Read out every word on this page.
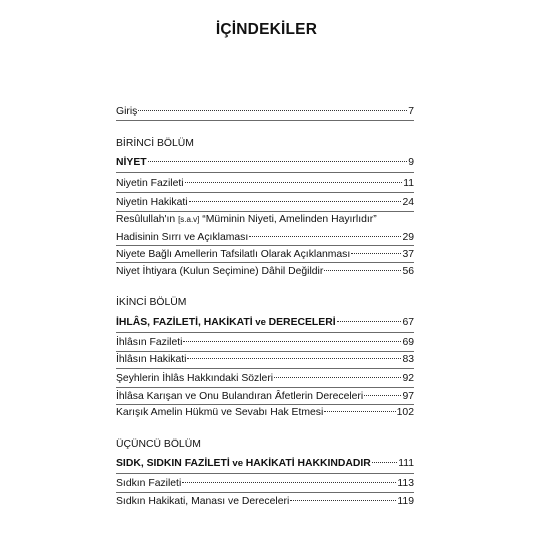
İÇİNDEKİLER
Giriş	7
BİRİNCİ BÖLÜM
NİYET	9
Niyetin Fazileti	11
Niyetin Hakikati	24
Resûlullah'ın [s.a.v] “Müminin Niyeti, Amelinden Hayırlıdır”
Hadisinin Sırrı ve Açıklaması	29
Niyete Bağlı Amellerin Tafsilatlı Olarak Açıklanması	37
Niyet İhtiyara (Kulun Seçimine) Dâhil Değildir	56
İKİNCİ BÖLÜM
İHLÂS, FAZİLETİ, HAKİKATİ ve DERECELERİ	67
İhlâsın Fazileti	69
İhlâsın Hakikati	83
Şeyhlerin İhlâs Hakkındaki Sözleri	92
İhlâsa Karışan ve Onu Bulandıran Âfetlerin Dereceleri	97
Karışık Amelin Hükmü ve Sevabı Hak Etmesi	102
ÜÇÜNCÜ BÖLÜM
SIDK, SIDKIN FAZİLETİ ve HAKİKATİ HAKKINDADIR	111
Sıdkın Fazileti	113
Sıdkın Hakikati, Manası ve Dereceleri	119
